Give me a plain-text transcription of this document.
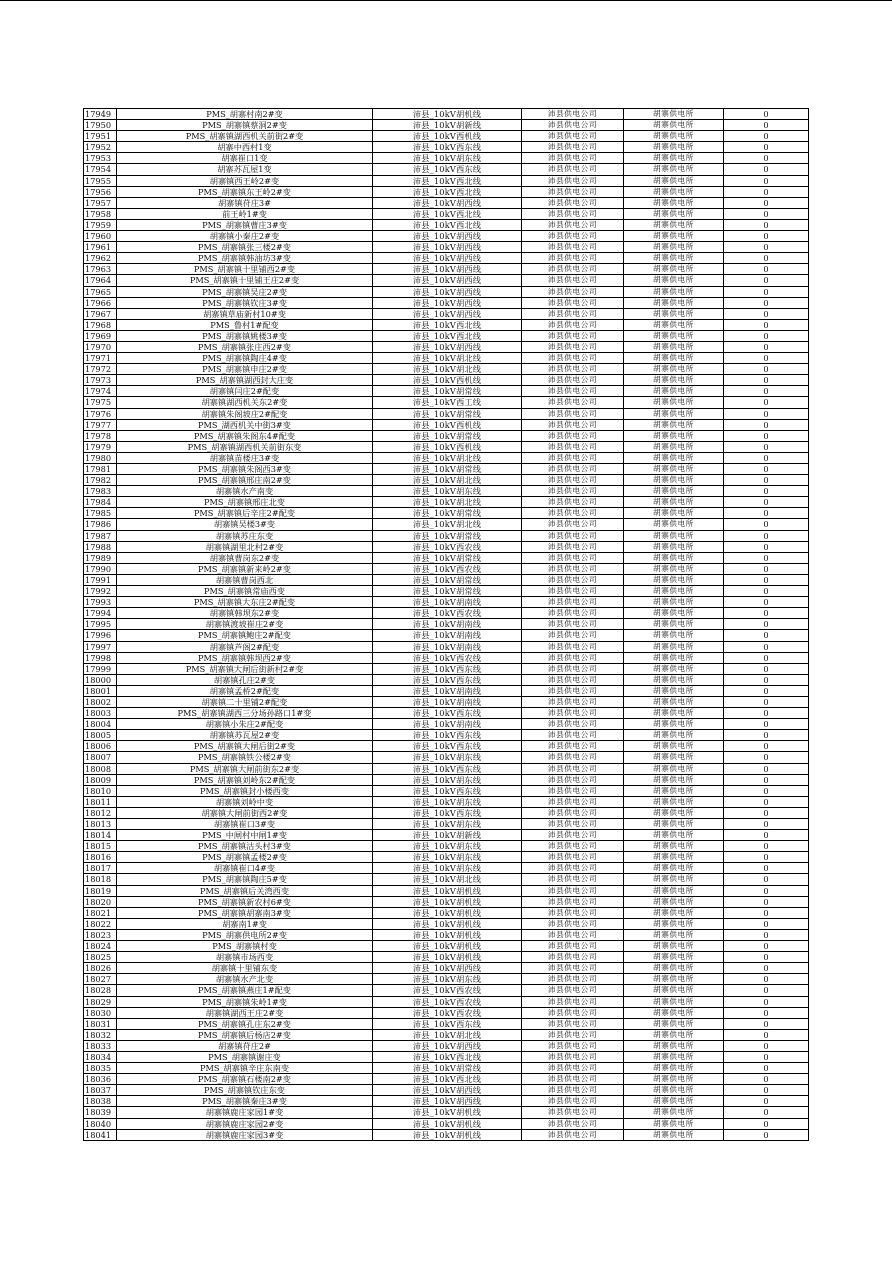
17949	PMS_胡寨村南2#变	沛县_10kV胡机线	沛县供电公司	胡寨供电所	0
17950	PMS_胡寨镇蔡洞2#变	沛县_10kV胡新线	沛县供电公司	胡寨供电所	0
17951	PMS_胡寨镇湖西机关前街2#变	沛县_10kV西机线	沛县供电公司	胡寨供电所	0
17952	胡寨中西村1变	沛县_10kV西东线	沛县供电公司	胡寨供电所	0
17953	胡寨崔口1变	沛县_10kV胡东线	沛县供电公司	胡寨供电所	0
17954	胡寨苏瓦屋1变	沛县_10kV西东线	沛县供电公司	胡寨供电所	0
17955	胡寨镇西王岭2#变	沛县_10kV西北线	沛县供电公司	胡寨供电所	0
17956	PMS_胡寨镇东王岭2#变	沛县_10kV西北线	沛县供电公司	胡寨供电所	0
17957	胡寨镇苻庄3#	沛县_10kV胡西线	沛县供电公司	胡寨供电所	0
17958	前王岭1#变	沛县_10kV西北线	沛县供电公司	胡寨供电所	0
17959	PMS_胡寨镇曹庄3#变	沛县_10kV西北线	沛县供电公司	胡寨供电所	0
17960	胡寨镇小秦庄2#变	沛县_10kV胡西线	沛县供电公司	胡寨供电所	0
17961	PMS_胡寨镇张三楼2#变	沛县_10kV胡西线	沛县供电公司	胡寨供电所	0
17962	PMS_胡寨镇韩油坊3#变	沛县_10kV胡西线	沛县供电公司	胡寨供电所	0
17963	PMS_胡寨镇十里铺西2#变	沛县_10kV胡西线	沛县供电公司	胡寨供电所	0
17964	PMS_胡寨镇十里铺王庄2#变	沛县_10kV胡西线	沛县供电公司	胡寨供电所	0
17965	PMS_胡寨镇吴庄2#变	沛县_10kV胡西线	沛县供电公司	胡寨供电所	0
17966	PMS_胡寨镇钦庄3#变	沛县_10kV胡西线	沛县供电公司	胡寨供电所	0
17967	胡寨镇草庙新村10#变	沛县_10kV胡西线	沛县供电公司	胡寨供电所	0
17968	PMS_鲁村1#配变	沛县_10kV西北线	沛县供电公司	胡寨供电所	0
17969	PMS_胡寨镇姚楼3#变	沛县_10kV西北线	沛县供电公司	胡寨供电所	0
17970	PMS_胡寨镇张庄西2#变	沛县_10kV胡西线	沛县供电公司	胡寨供电所	0
17971	PMS_胡寨镇陶庄4#变	沛县_10kV胡北线	沛县供电公司	胡寨供电所	0
17972	PMS_胡寨镇申庄2#变	沛县_10kV胡北线	沛县供电公司	胡寨供电所	0
17973	PMS_胡寨镇湖西封大庄变	沛县_10kV西机线	沛县供电公司	胡寨供电所	0
17974	胡寨镇闫庄2#配变	沛县_10kV胡常线	沛县供电公司	胡寨供电所	0
17975	胡寨镇湖西机关东2#变	沛县_10kV西工线	沛县供电公司	胡寨供电所	0
17976	胡寨镇朱阁坡庄2#配变	沛县_10kV胡常线	沛县供电公司	胡寨供电所	0
17977	PMS_湖西机关中街3#变	沛县_10kV西机线	沛县供电公司	胡寨供电所	0
17978	PMS_胡寨镇朱阁东4#配变	沛县_10kV胡常线	沛县供电公司	胡寨供电所	0
17979	PMS_胡寨镇湖西机关前街东变	沛县_10kV西机线	沛县供电公司	胡寨供电所	0
17980	胡寨镇苗楼庄3#变	沛县_10kV胡北线	沛县供电公司	胡寨供电所	0
17981	PMS_胡寨镇朱阁西3#变	沛县_10kV胡常线	沛县供电公司	胡寨供电所	0
17982	PMS_胡寨镇邢庄南2#变	沛县_10kV胡北线	沛县供电公司	胡寨供电所	0
17983	胡寨镇水产南变	沛县_10kV胡东线	沛县供电公司	胡寨供电所	0
17984	PMS_胡寨镇邢庄北变	沛县_10kV胡北线	沛县供电公司	胡寨供电所	0
17985	PMS_胡寨镇后辛庄2#配变	沛县_10kV胡常线	沛县供电公司	胡寨供电所	0
17986	胡寨镇吴楼3#变	沛县_10kV胡北线	沛县供电公司	胡寨供电所	0
17987	胡寨镇苏庄东变	沛县_10kV胡常线	沛县供电公司	胡寨供电所	0
17988	胡寨镇湖里北村2#变	沛县_10kV西农线	沛县供电公司	胡寨供电所	0
17989	胡寨镇曹岗东2#变	沛县_10kV胡常线	沛县供电公司	胡寨供电所	0
17990	PMS_胡寨镇新来岭2#变	沛县_10kV西农线	沛县供电公司	胡寨供电所	0
17991	胡寨镇曹岗西北	沛县_10kV胡常线	沛县供电公司	胡寨供电所	0
17992	PMS_胡寨镇常庙西变	沛县_10kV胡常线	沛县供电公司	胡寨供电所	0
17993	PMS_胡寨镇大东庄2#配变	沛县_10kV胡南线	沛县供电公司	胡寨供电所	0
17994	胡寨镇韩坝东2#变	沛县_10kV西农线	沛县供电公司	胡寨供电所	0
17995	胡寨镇渡坡崔庄2#变	沛县_10kV胡南线	沛县供电公司	胡寨供电所	0
17996	PMS_胡寨镇鲍庄2#配变	沛县_10kV胡南线	沛县供电公司	胡寨供电所	0
17997	胡寨镇芦阁2#配变	沛县_10kV胡南线	沛县供电公司	胡寨供电所	0
17998	PMS_胡寨镇韩坝西2#变	沛县_10kV西农线	沛县供电公司	胡寨供电所	0
17999	PMS_胡寨镇大闸后街新村2#变	沛县_10kV西东线	沛县供电公司	胡寨供电所	0
18000	胡寨镇孔庄2#变	沛县_10kV西东线	沛县供电公司	胡寨供电所	0
18001	胡寨镇孟桥2#配变	沛县_10kV胡南线	沛县供电公司	胡寨供电所	0
18002	胡寨镇二十里铺2#配变	沛县_10kV胡南线	沛县供电公司	胡寨供电所	0
18003	PMS_胡寨镇湖西三分场孙路口1#变	沛县_10kV西东线	沛县供电公司	胡寨供电所	0
18004	胡寨镇小朱庄2#配变	沛县_10kV胡南线	沛县供电公司	胡寨供电所	0
18005	胡寨镇苏瓦屋2#变	沛县_10kV西东线	沛县供电公司	胡寨供电所	0
18006	PMS_胡寨镇大闸后街2#变	沛县_10kV西东线	沛县供电公司	胡寨供电所	0
18007	PMS_胡寨镇铁公楼2#变	沛县_10kV胡东线	沛县供电公司	胡寨供电所	0
18008	PMS_胡寨镇大闸前街东2#变	沛县_10kV西东线	沛县供电公司	胡寨供电所	0
18009	PMS_胡寨镇刘岭东2#配变	沛县_10kV胡东线	沛县供电公司	胡寨供电所	0
18010	PMS_胡寨镇封小楼西变	沛县_10kV西东线	沛县供电公司	胡寨供电所	0
18011	胡寨镇刘岭中变	沛县_10kV胡东线	沛县供电公司	胡寨供电所	0
18012	胡寨镇大闸前街西2#变	沛县_10kV西东线	沛县供电公司	胡寨供电所	0
18013	胡寨镇崔口3#变	沛县_10kV胡东线	沛县供电公司	胡寨供电所	0
18014	PMS_中闸村中闸1#变	沛县_10kV胡新线	沛县供电公司	胡寨供电所	0
18015	PMS_胡寨镇沽头村3#变	沛县_10kV胡东线	沛县供电公司	胡寨供电所	0
18016	PMS_胡寨镇孟楼2#变	沛县_10kV胡东线	沛县供电公司	胡寨供电所	0
18017	胡寨镇崔口4#变	沛县_10kV胡东线	沛县供电公司	胡寨供电所	0
18018	PMS_胡寨镇陶庄5#变	沛县_10kV胡北线	沛县供电公司	胡寨供电所	0
18019	PMS_胡寨镇后关湾西变	沛县_10kV胡机线	沛县供电公司	胡寨供电所	0
18020	PMS_胡寨镇新农村6#变	沛县_10kV胡机线	沛县供电公司	胡寨供电所	0
18021	PMS_胡寨镇胡寨南3#变	沛县_10kV胡机线	沛县供电公司	胡寨供电所	0
18022	胡寨南1#变	沛县_10kV胡机线	沛县供电公司	胡寨供电所	0
18023	PMS_胡寨供电所2#变	沛县_10kV胡机线	沛县供电公司	胡寨供电所	0
18024	PMS_胡寨镇村变	沛县_10kV胡机线	沛县供电公司	胡寨供电所	0
18025	胡寨镇市场西变	沛县_10kV胡机线	沛县供电公司	胡寨供电所	0
18026	胡寨镇十里铺东变	沛县_10kV胡西线	沛县供电公司	胡寨供电所	0
18027	胡寨镇水产北变	沛县_10kV胡东线	沛县供电公司	胡寨供电所	0
18028	PMS_胡寨镇燕庄1#配变	沛县_10kV西农线	沛县供电公司	胡寨供电所	0
18029	PMS_胡寨镇朱岭1#变	沛县_10kV西农线	沛县供电公司	胡寨供电所	0
18030	胡寨镇湖西王庄2#变	沛县_10kV西农线	沛县供电公司	胡寨供电所	0
18031	PMS_胡寨镇孔庄东2#变	沛县_10kV西东线	沛县供电公司	胡寨供电所	0
18032	PMS_胡寨镇后杨店2#变	沛县_10kV胡北线	沛县供电公司	胡寨供电所	0
18033	胡寨镇苻庄2#	沛县_10kV胡西线	沛县供电公司	胡寨供电所	0
18034	PMS_胡寨镇谢庄变	沛县_10kV西北线	沛县供电公司	胡寨供电所	0
18035	PMS_胡寨镇辛庄东南变	沛县_10kV胡常线	沛县供电公司	胡寨供电所	0
18036	PMS_胡寨镇石楼南2#变	沛县_10kV西北线	沛县供电公司	胡寨供电所	0
18037	PMS_胡寨镇钦庄东变	沛县_10kV胡西线	沛县供电公司	胡寨供电所	0
18038	PMS_胡寨镇秦庄3#变	沛县_10kV胡西线	沛县供电公司	胡寨供电所	0
18039	胡寨镇鹿庄家园1#变	沛县_10kV胡机线	沛县供电公司	胡寨供电所	0
18040	胡寨镇鹿庄家园2#变	沛县_10kV胡机线	沛县供电公司	胡寨供电所	0
18041	胡寨镇鹿庄家园3#变	沛县_10kV胡机线	沛县供电公司	胡寨供电所	0
